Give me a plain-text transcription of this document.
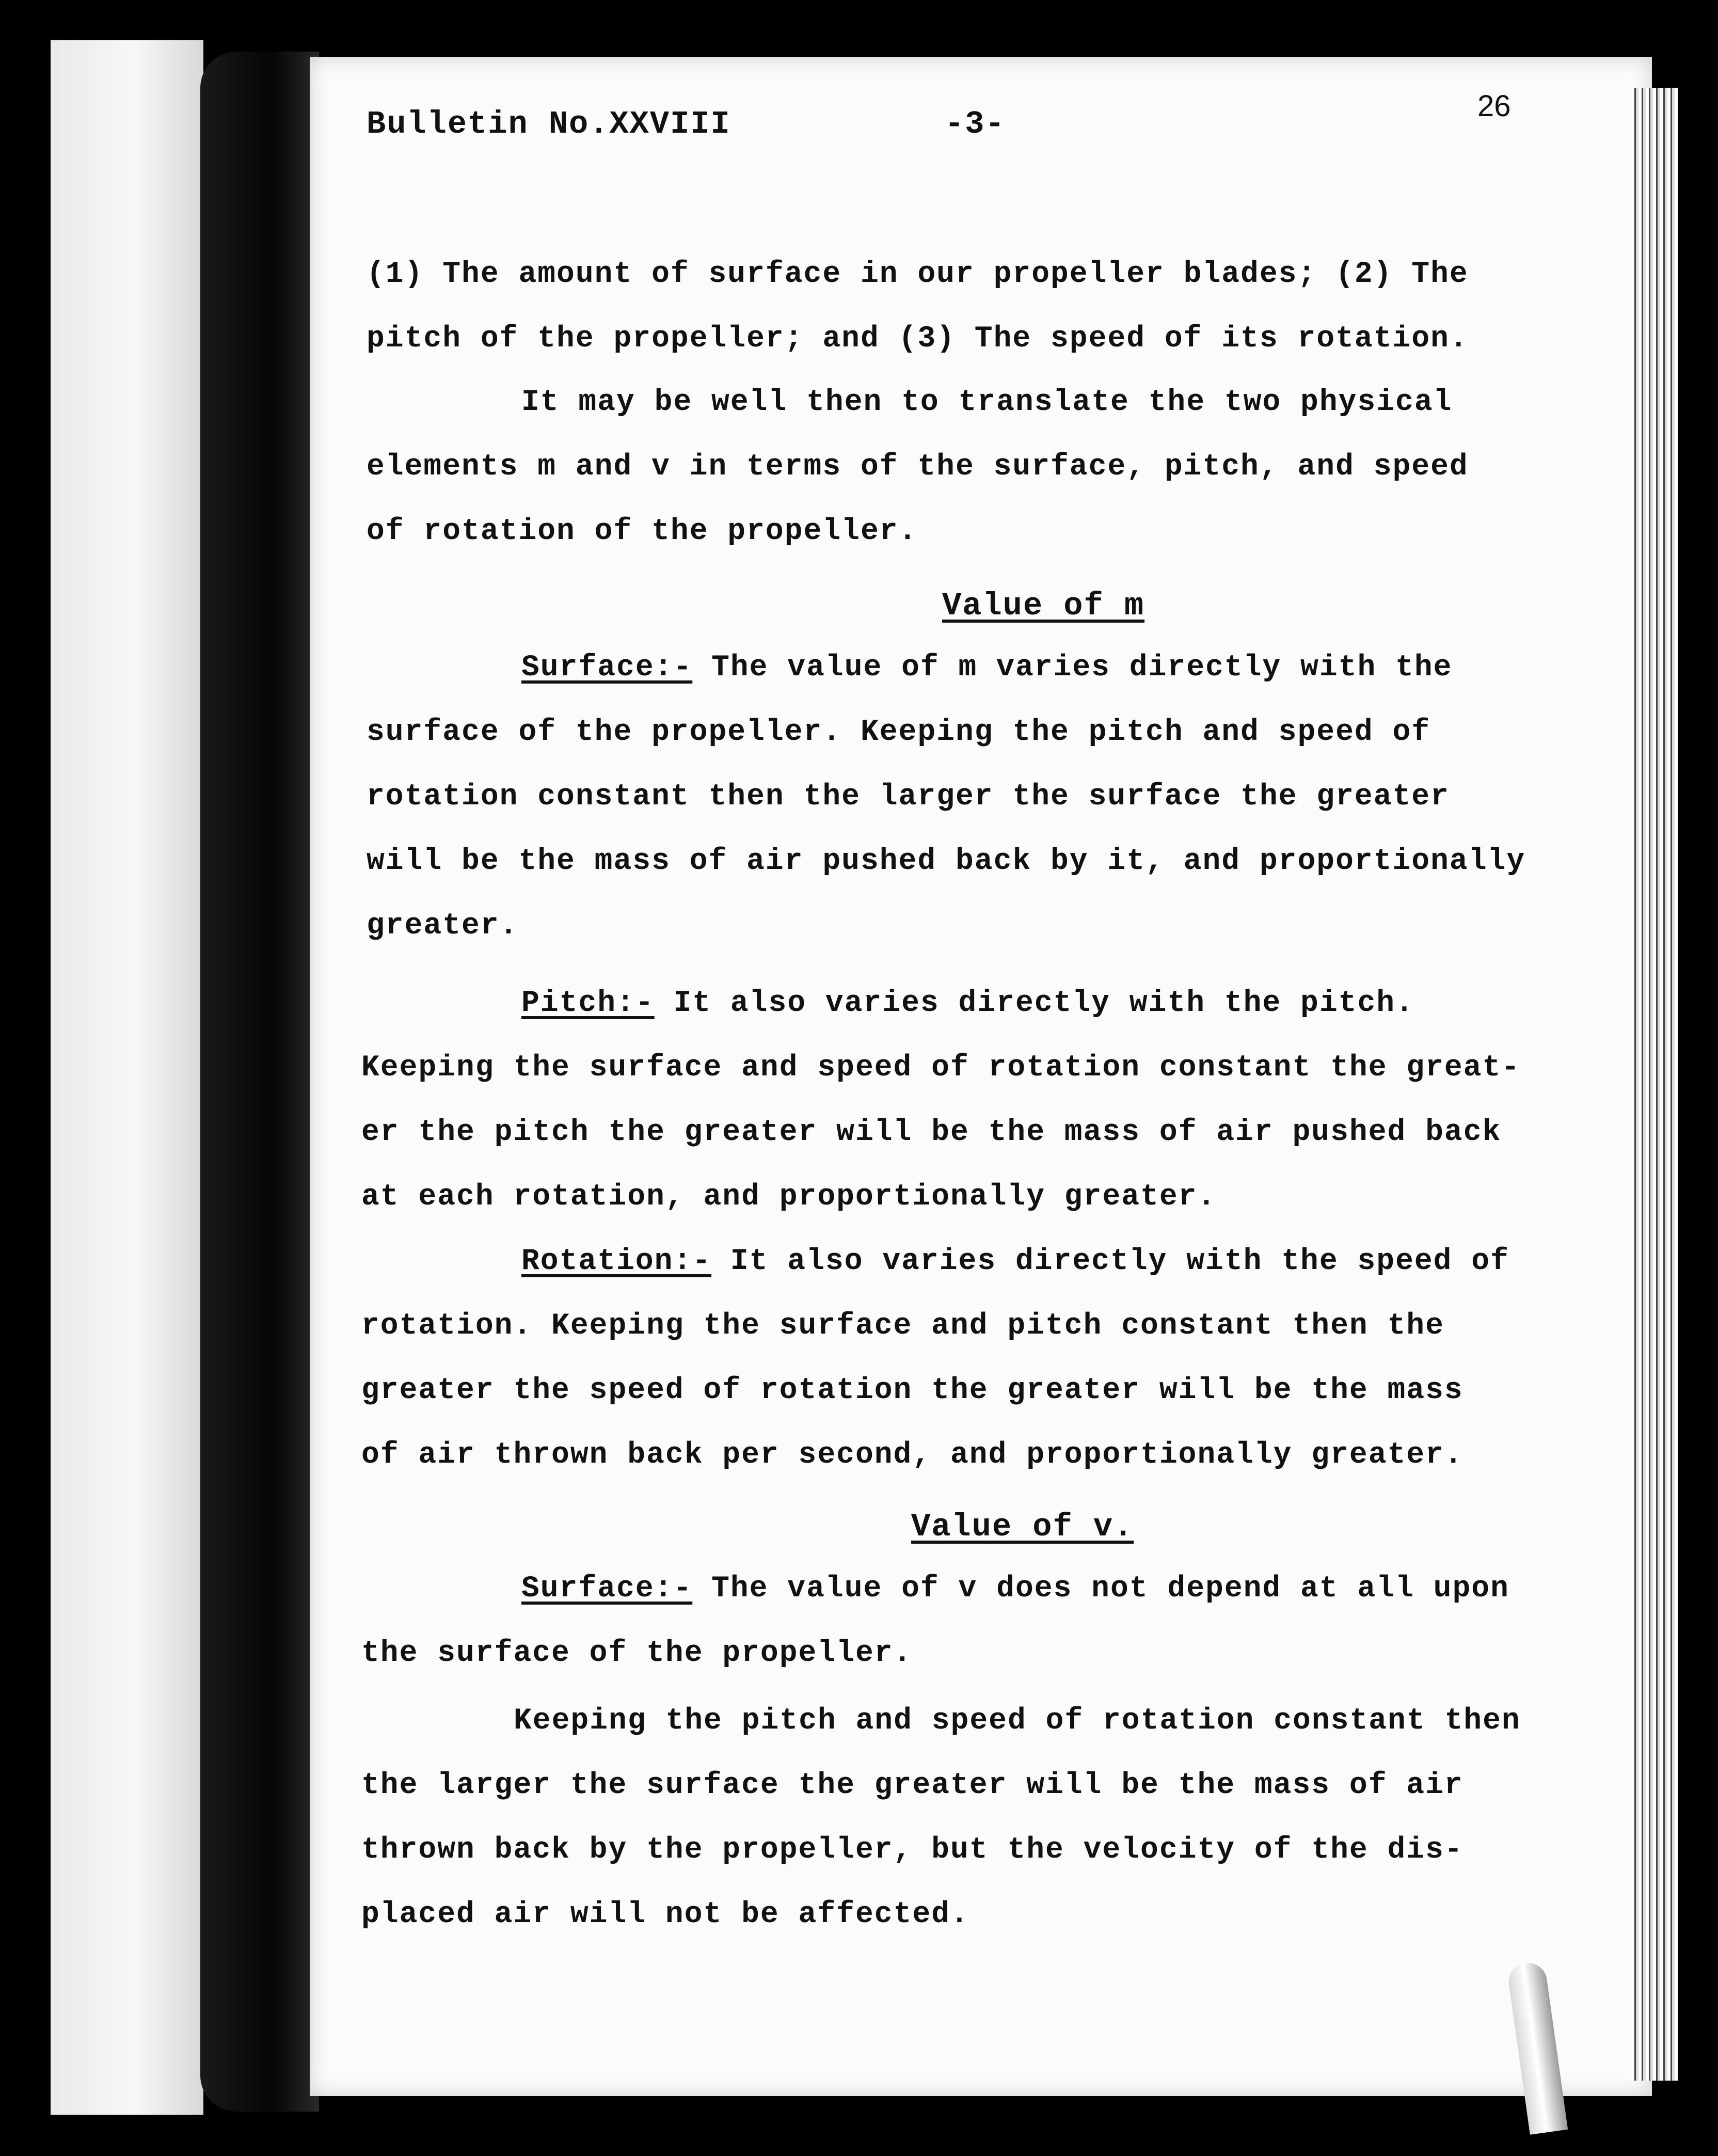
Bulletin No.XXVIII	-3-	26
(1) The amount of surface in our propeller blades; (2) The
pitch of the propeller; and (3) The speed of its rotation.
It may be well then to translate the two physical
elements m and v in terms of the surface, pitch, and speed
of rotation of the propeller.
Value of m
Surface:- The value of m varies directly with the
surface of the propeller. Keeping the pitch and speed of
rotation constant then the larger the surface the greater
will be the mass of air pushed back by it, and proportionally
greater.
Pitch:- It also varies directly with the pitch.
Keeping the surface and speed of rotation constant the great-
er the pitch the greater will be the mass of air pushed back
at each rotation, and proportionally greater.
Rotation:- It also varies directly with the speed of
rotation. Keeping the surface and pitch constant then the
greater the speed of rotation the greater will be the mass
of air thrown back per second, and proportionally greater.
Value of v.
Surface:- The value of v does not depend at all upon
the surface of the propeller.
Keeping the pitch and speed of rotation constant then
the larger the surface the greater will be the mass of air
thrown back by the propeller, but the velocity of the dis-
placed air will not be affected.
